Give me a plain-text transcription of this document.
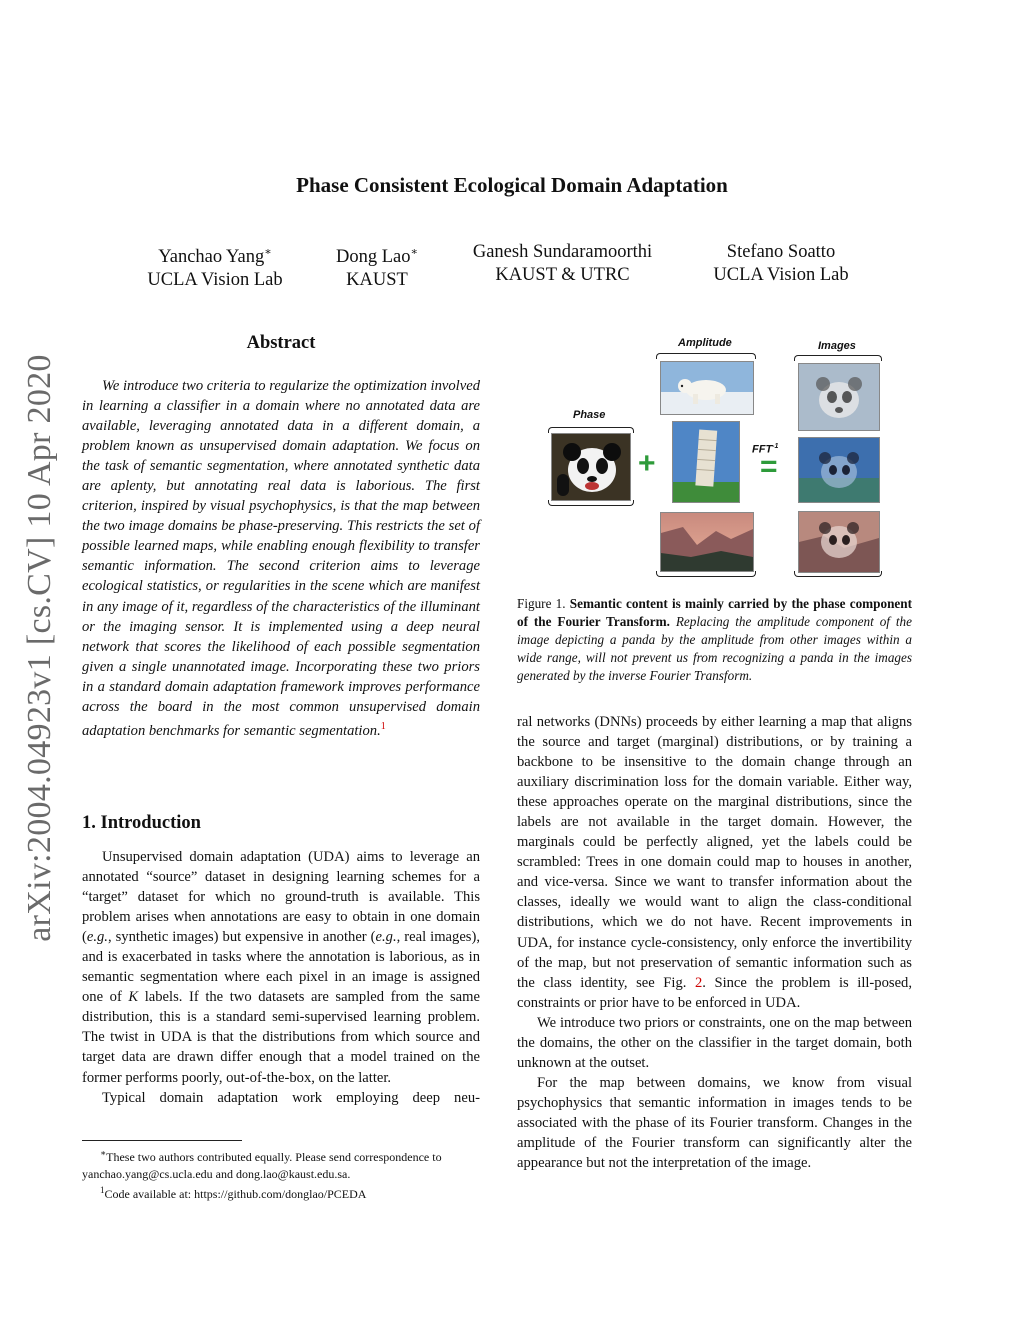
Phase Consistent Ecological Domain Adaptation
Yanchao Yang∗
UCLA Vision Lab
Dong Lao∗
KAUST
Ganesh Sundaramoorthi
KAUST & UTRC
Stefano Soatto
UCLA Vision Lab
arXiv:2004.04923v1 [cs.CV] 10 Apr 2020
Abstract

We introduce two criteria to regularize the optimization involved in learning a classifier in a domain where no annotated data are available, leveraging annotated data in a different domain, a problem known as unsupervised domain adaptation. We focus on the task of semantic segmentation, where annotated synthetic data are aplenty, but annotating real data is laborious. The first criterion, inspired by visual psychophysics, is that the map between the two image domains be phase-preserving. This restricts the set of possible learned maps, while enabling enough flexibility to transfer semantic information. The second criterion aims to leverage ecological statistics, or regularities in the scene which are manifest in any image of it, regardless of the characteristics of the illuminant or the imaging sensor. It is implemented using a deep neural network that scores the likelihood of each possible segmentation given a single unannotated image. Incorporating these two priors in a standard domain adaptation framework improves performance across the board in the most common unsupervised domain adaptation benchmarks for semantic segmentation.$^1$

1. Introduction

Unsupervised domain adaptation (UDA) aims to leverage an annotated “source” dataset in designing learning schemes for a “target” dataset for which no ground-truth is available. This problem arises when annotations are easy to obtain in one domain (e.g., synthetic images) but expensive in another (e.g., real images), and is exacerbated in tasks where the annotation is laborious, as in semantic segmentation where each pixel in an image is assigned one of K labels. If the two datasets are sampled from the same distribution, this is a standard semi-supervised learning problem. The twist in UDA is that the distributions from which source and target data are drawn differ enough that a model trained on the former performs poorly, out-of-the-box, on the latter.

Typical domain adaptation work employing deep neu-

∗These two authors contributed equally. Please send correspondence to yanchao.yang@cs.ucla.edu and dong.lao@kaust.edu.sa.
$^1$Code available at: https://github.com/donglao/PCEDA
Phase
Amplitude	Images
+	$FFT^{-1}$
=
Figure 1. Semantic content is mainly carried by the phase component of the Fourier Transform. Replacing the amplitude component of the image depicting a panda by the amplitude from other images within a wide range, will not prevent us from recognizing a panda in the images generated by the inverse Fourier Transform.

ral networks (DNNs) proceeds by either learning a map that aligns the source and target (marginal) distributions, or by training a backbone to be insensitive to the domain change through an auxiliary discrimination loss for the domain variable. Either way, these approaches operate on the marginal distributions, since the labels are not available in the target domain. However, the marginals could be perfectly aligned, yet the labels could be scrambled: Trees in one domain could map to houses in another, and vice-versa. Since we want to transfer information about the classes, ideally we would want to align the class-conditional distributions, which we do not have. Recent improvements in UDA, for instance cycle-consistency, only enforce the invertibility of the map, but not preservation of semantic information such as the class identity, see Fig. 2. Since the problem is ill-posed, constraints or prior have to be enforced in UDA.

We introduce two priors or constraints, one on the map between the domains, the other on the classifier in the target domain, both unknown at the outset.

For the map between domains, we know from visual psychophysics that semantic information in images tends to be associated with the phase of its Fourier transform. Changes in the amplitude of the Fourier transform can significantly alter the appearance but not the interpretation of the image.
